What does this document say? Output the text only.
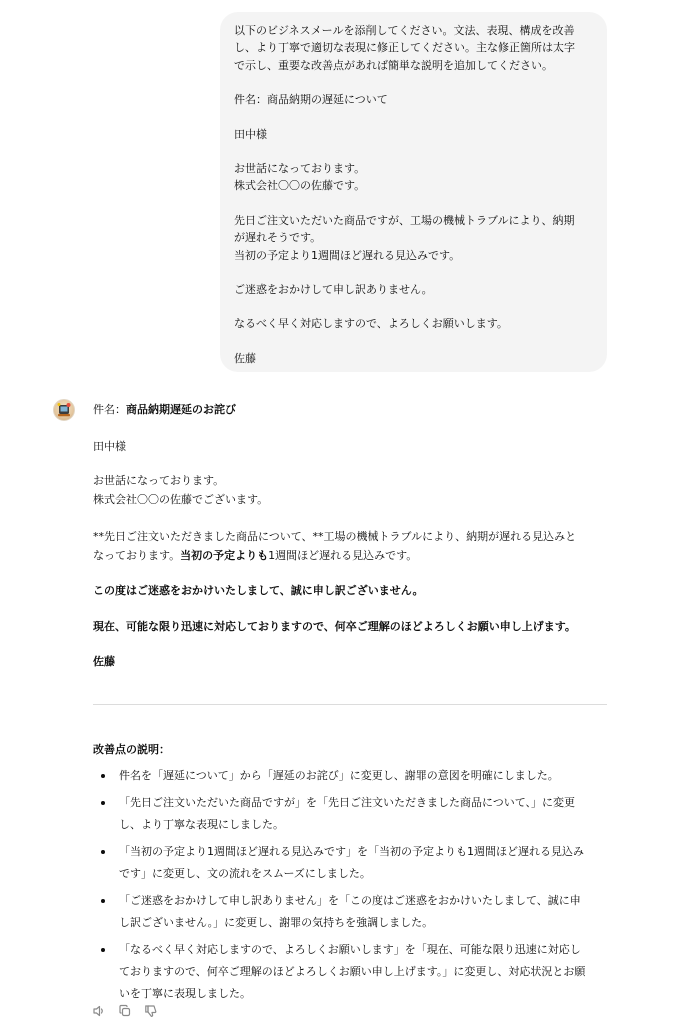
以下のビジネスメールを添削してください。文法、表現、構成を改善

し、より丁寧で適切な表現に修正してください。主な修正箇所は太字

で示し、重要な改善点があれば簡単な説明を追加してください。

件名：商品納期の遅延について

田中様

お世話になっております。

株式会社〇〇の佐藤です。

先日ご注文いただいた商品ですが、工場の機械トラブルにより、納期

が遅れそうです。

当初の予定より1週間ほど遅れる見込みです。

ご迷惑をおかけして申し訳ありません。

なるべく早く対応しますので、よろしくお願いします。

佐藤

件名：商品納期遅延のお詫び
田中様
お世話になっております。
株式会社〇〇の佐藤でございます。
**先日ご注文いただきました商品について、**工場の機械トラブルにより、納期が遅れる見込みと
なっております。当初の予定よりも1週間ほど遅れる見込みです。
この度はご迷惑をおかけいたしまして、誠に申し訳ございません。
現在、可能な限り迅速に対応しておりますので、何卒ご理解のほどよろしくお願い申し上げます。
佐藤
改善点の説明：
件名を「遅延について」から「遅延のお詫び」に変更し、謝罪の意図を明確にしました。
「先日ご注文いただいた商品ですが」を「先日ご注文いただきました商品について、」に変更
し、より丁寧な表現にしました。
「当初の予定より1週間ほど遅れる見込みです」を「当初の予定よりも1週間ほど遅れる見込み
です」に変更し、文の流れをスムーズにしました。
「ご迷惑をおかけして申し訳ありません」を「この度はご迷惑をおかけいたしまして、誠に申
し訳ございません。」に変更し、謝罪の気持ちを強調しました。
「なるべく早く対応しますので、よろしくお願いします」を「現在、可能な限り迅速に対応し
ておりますので、何卒ご理解のほどよろしくお願い申し上げます。」に変更し、対応状況とお願
いを丁寧に表現しました。
